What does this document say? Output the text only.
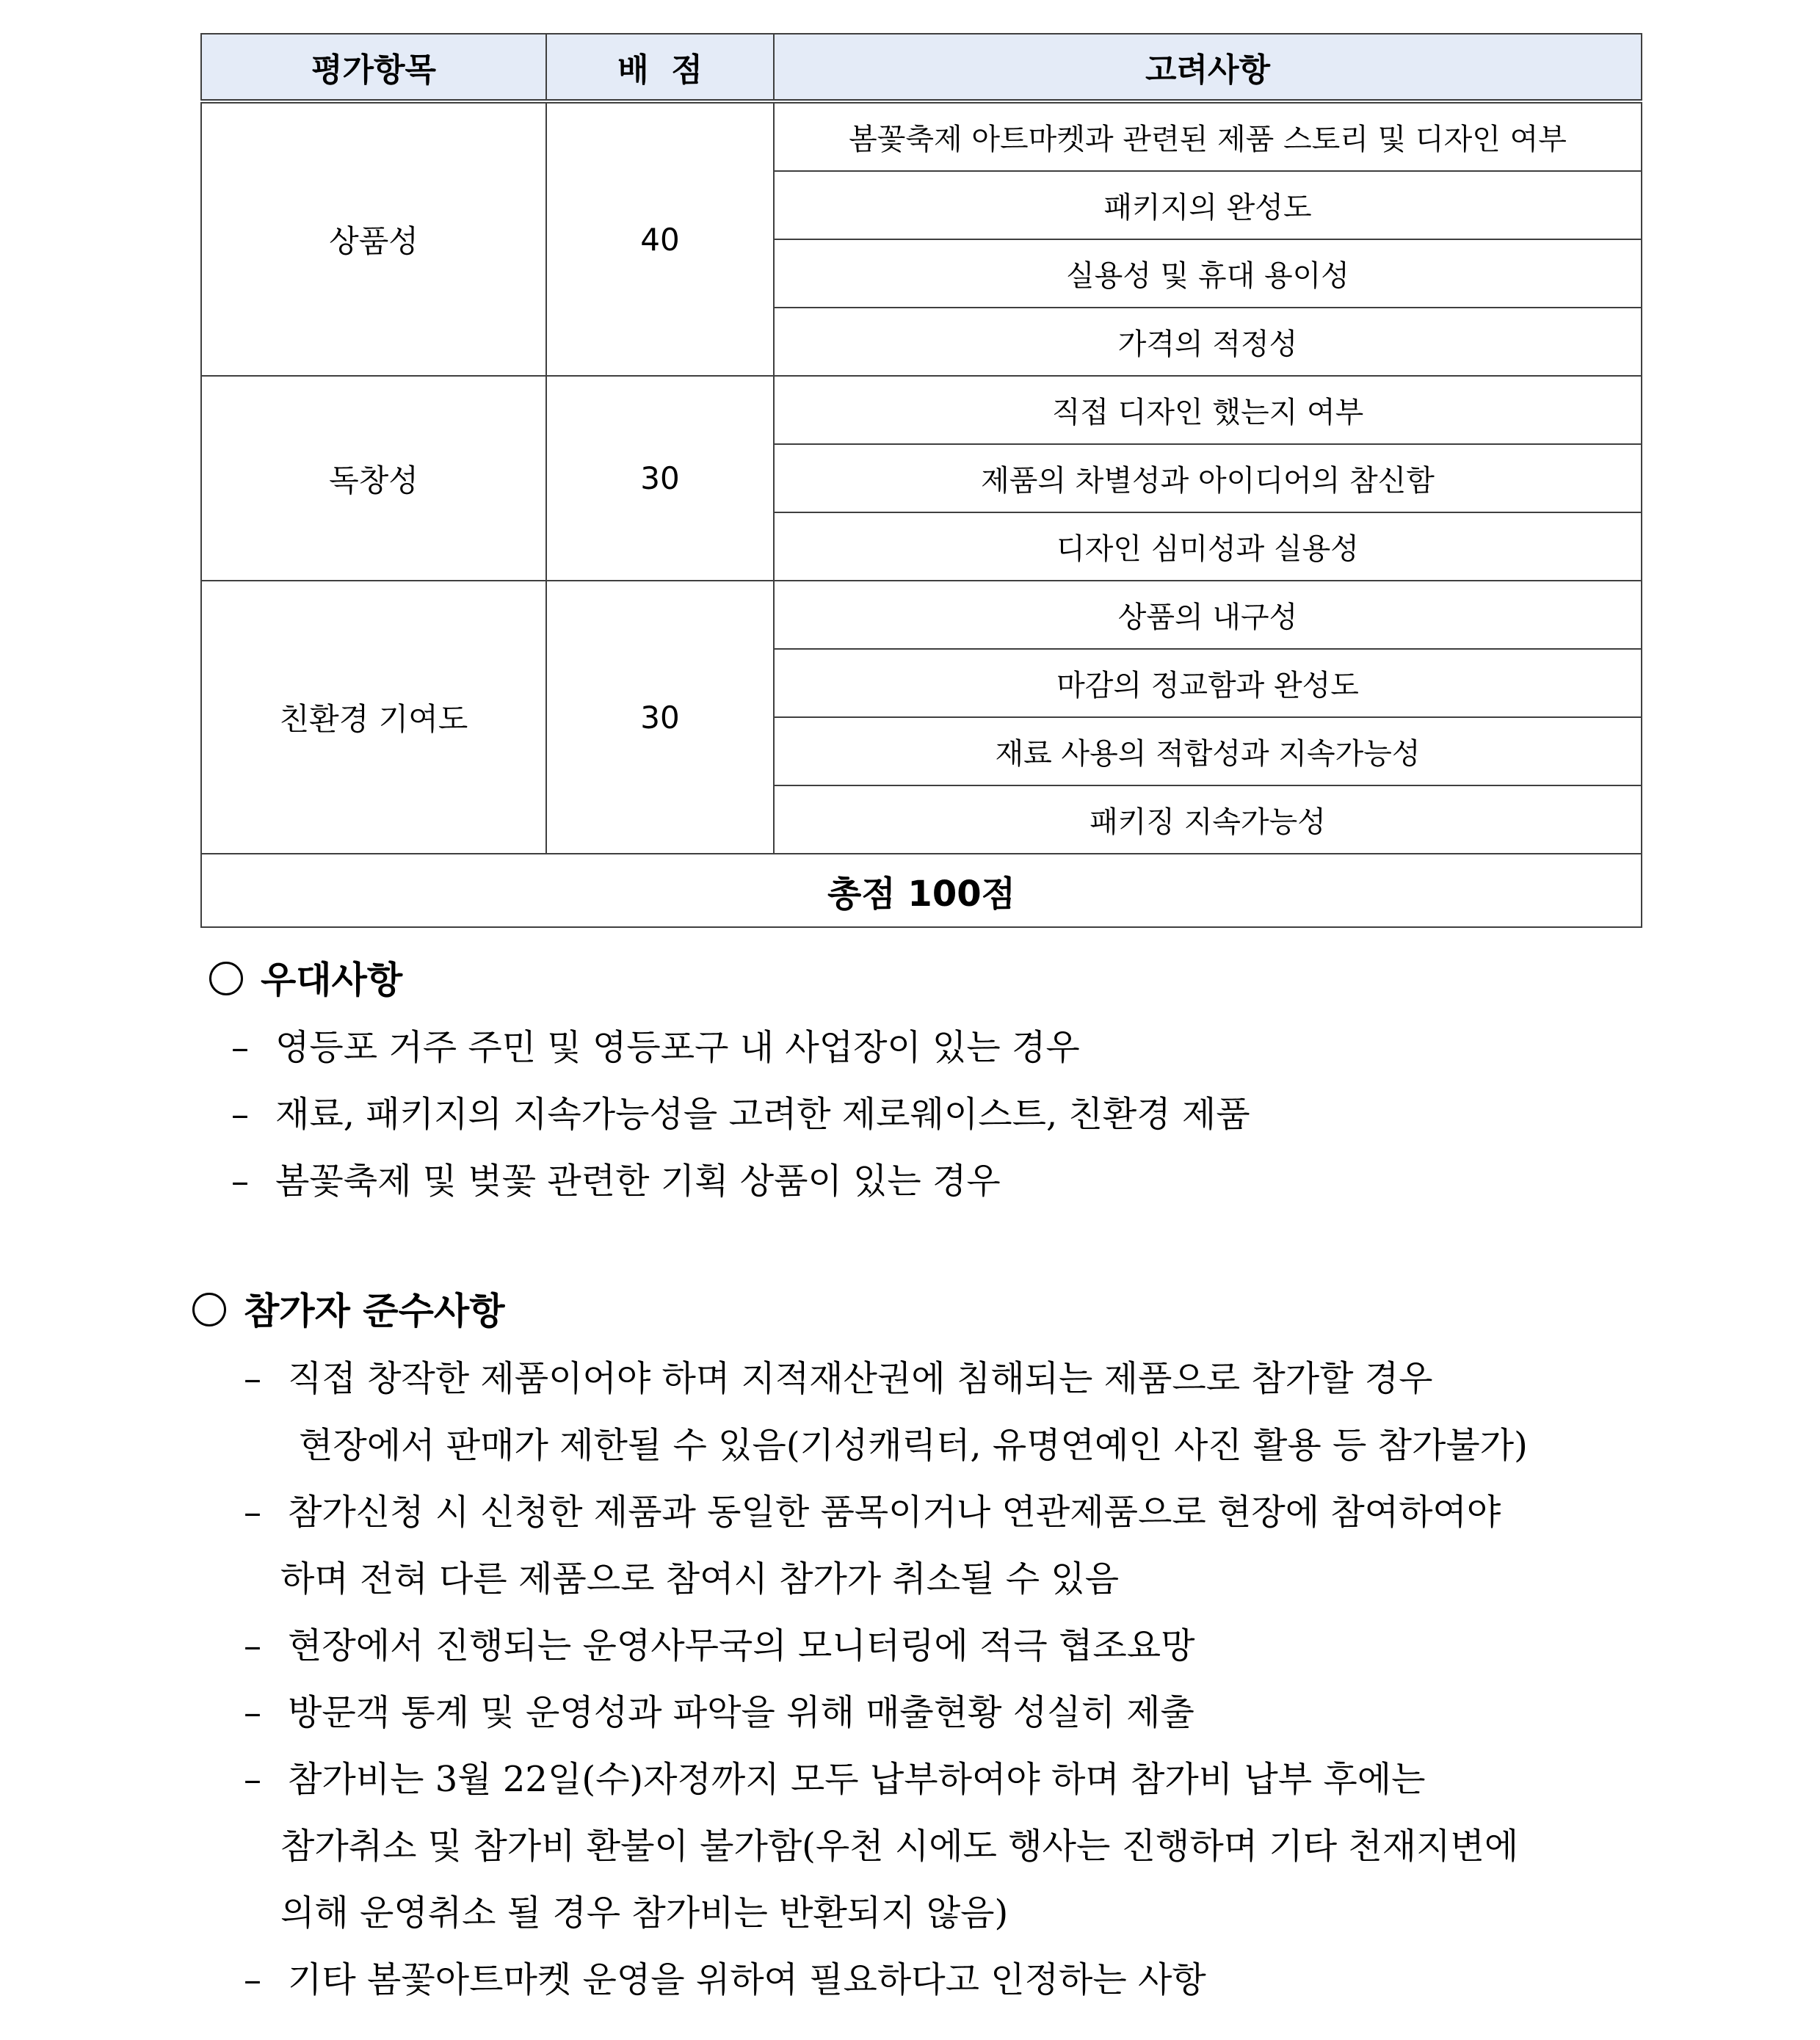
평가항목	배  점	고려사항
상품성	40	봄꽃축제 아트마켓과 관련된 제품 스토리 및 디자인 여부
		패키지의 완성도
		실용성 및 휴대 용이성
		가격의 적정성
독창성	30	직접 디자인 했는지 여부
		제품의 차별성과 아이디어의 참신함
		디자인 심미성과 실용성
친환경 기여도	30	상품의 내구성
		마감의 정교함과 완성도
		재료 사용의 적합성과 지속가능성
		패키징 지속가능성
총점 100점		
우대사항
– 영등포 거주 주민 및 영등포구 내 사업장이 있는 경우
– 재료, 패키지의 지속가능성을 고려한 제로웨이스트, 친환경 제품
– 봄꽃축제 및 벚꽃 관련한 기획 상품이 있는 경우
참가자 준수사항
– 직접 창작한 제품이어야 하며 지적재산권에 침해되는 제품으로 참가할 경우
현장에서 판매가 제한될 수 있음(기성캐릭터, 유명연예인 사진 활용 등 참가불가)
– 참가신청 시 신청한 제품과 동일한 품목이거나 연관제품으로 현장에 참여하여야
하며 전혀 다른 제품으로 참여시 참가가 취소될 수 있음
– 현장에서 진행되는 운영사무국의 모니터링에 적극 협조요망
– 방문객 통계 및 운영성과 파악을 위해 매출현황 성실히 제출
– 참가비는 3월 22일(수)자정까지 모두 납부하여야 하며 참가비 납부 후에는
참가취소 및 참가비 환불이 불가함(우천 시에도 행사는 진행하며 기타 천재지변에
의해 운영취소 될 경우 참가비는 반환되지 않음)
– 기타 봄꽃아트마켓 운영을 위하여 필요하다고 인정하는 사항
